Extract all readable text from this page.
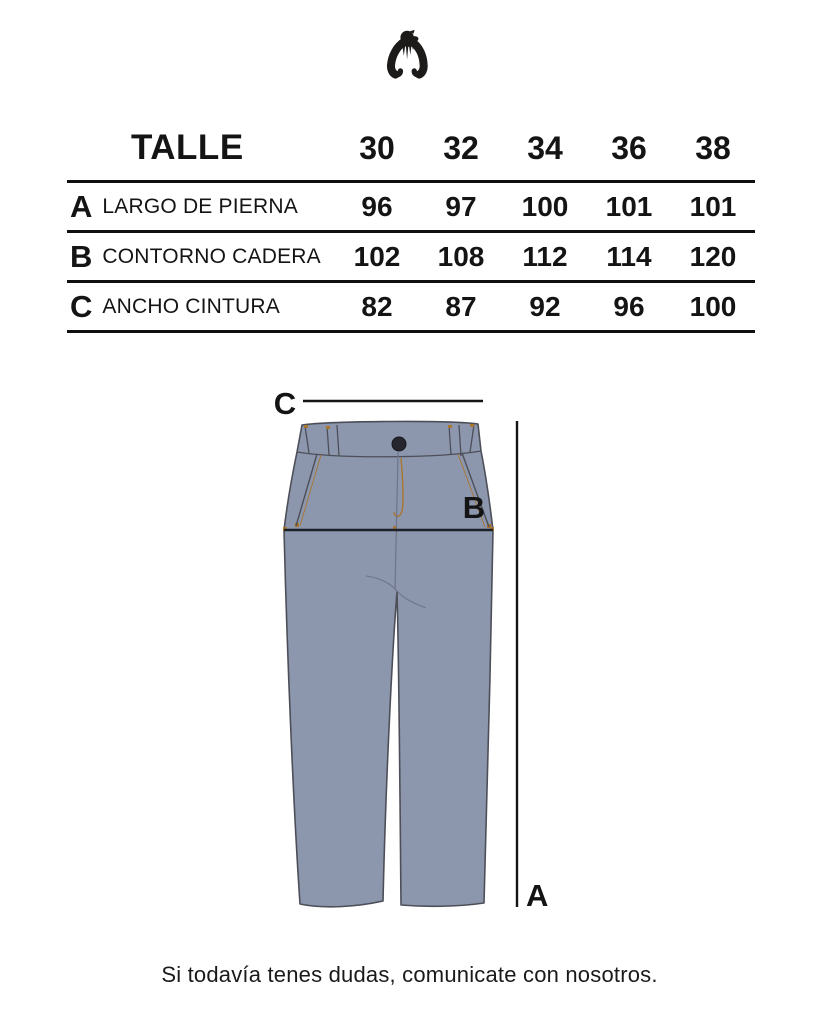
TALLE	30	32	34	36	38
A LARGO DE PIERNA	96	97	100	101	101
B CONTORNO CADERA	102	108	112	114	120
C ANCHO CINTURA	82	87	92	96	100
C
B
A
Si todavía tenes dudas, comunicate con nosotros.
